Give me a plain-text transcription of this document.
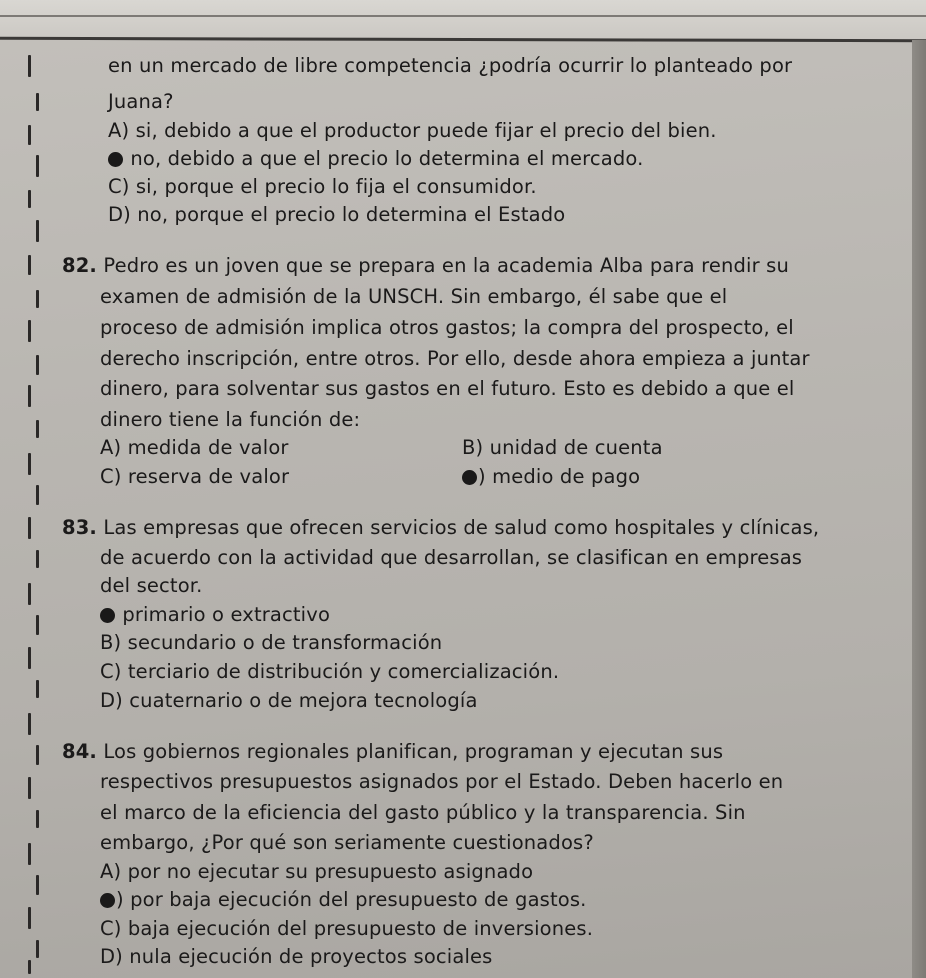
en un mercado de libre competencia ¿podría ocurrir lo planteado por
Juana?
A) si, debido a que el productor puede fijar el precio del bien.
no, debido a que el precio lo determina el mercado.
C) si, porque el precio lo fija el consumidor.
D) no, porque el precio lo determina el Estado
82. Pedro es un joven que se prepara en la academia Alba para rendir su
examen de admisión de la UNSCH. Sin embargo, él sabe que el
proceso de admisión implica otros gastos; la compra del prospecto, el
derecho inscripción, entre otros. Por ello, desde ahora empieza a juntar
dinero, para solventar sus gastos en el futuro. Esto es debido a que el
dinero tiene la función de:
A) medida de valor	B) unidad de cuenta
C) reserva de valor	) medio de pago
83. Las empresas que ofrecen servicios de salud como hospitales y clínicas,
de acuerdo con la actividad que desarrollan, se clasifican en empresas
del sector.
primario o extractivo
B) secundario o de transformación
C) terciario de distribución y comercialización.
D) cuaternario o de mejora tecnología
84. Los gobiernos regionales planifican, programan y ejecutan sus
respectivos presupuestos asignados por el Estado. Deben hacerlo en
el marco de la eficiencia del gasto público y la transparencia. Sin
embargo, ¿Por qué son seriamente cuestionados?
A) por no ejecutar su presupuesto asignado
) por baja ejecución del presupuesto de gastos.
C) baja ejecución del presupuesto de inversiones.
D) nula ejecución de proyectos sociales
